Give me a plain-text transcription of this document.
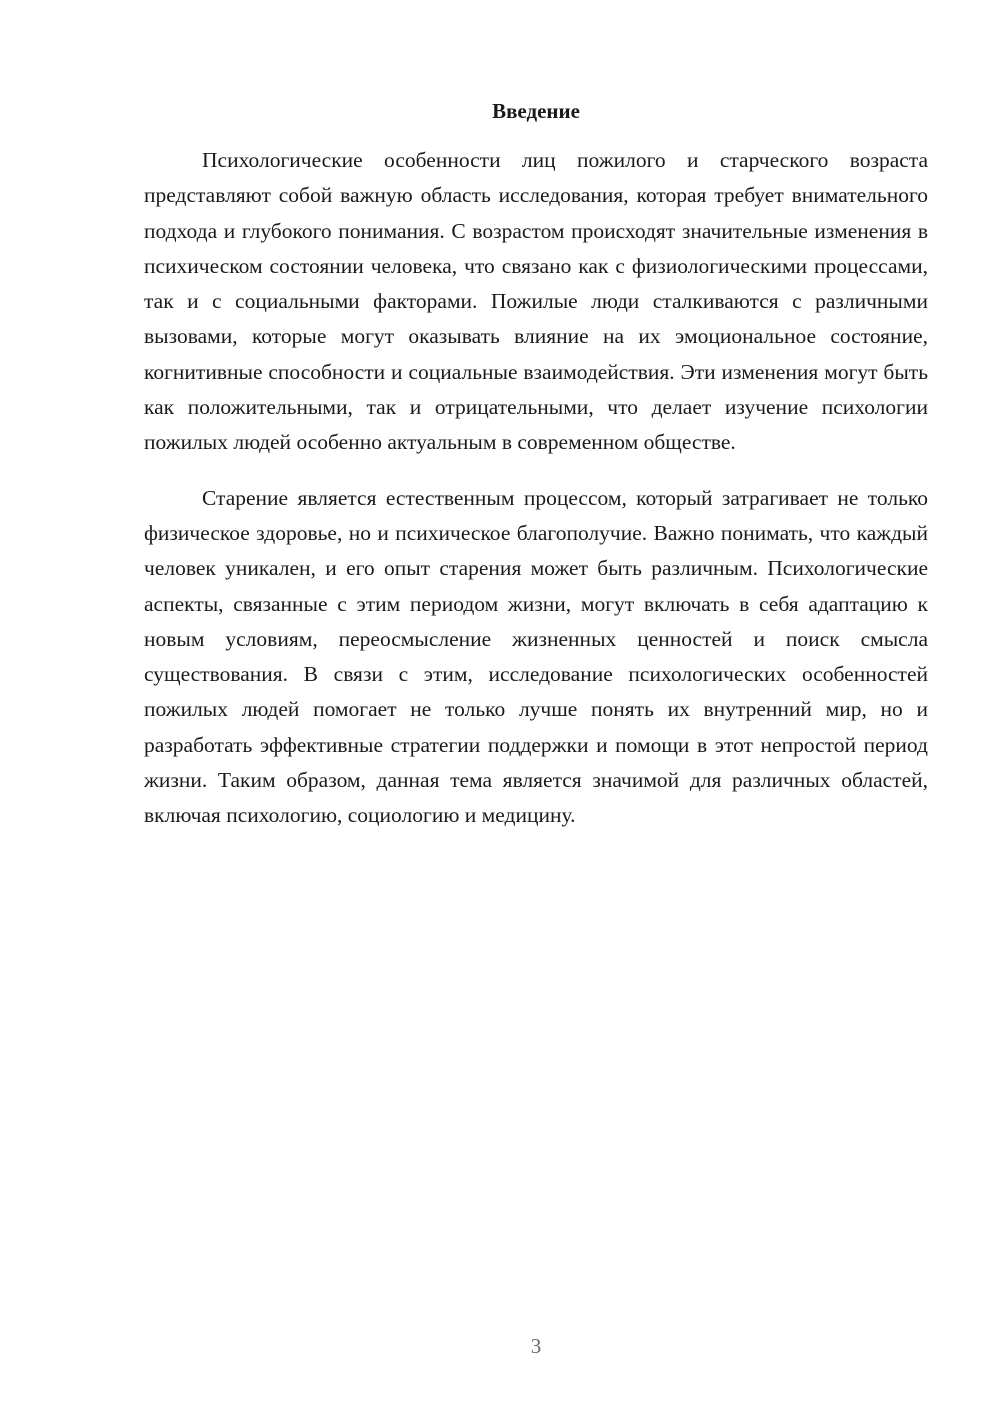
Введение

Психологические особенности лиц пожилого и старческого возраста представляют собой важную область исследования, которая требует внимательного подхода и глубокого понимания. С возрастом происходят значительные изменения в психическом состоянии человека, что связано как с физиологическими процессами, так и с социальными факторами. Пожилые люди сталкиваются с различными вызовами, которые могут оказывать влияние на их эмоциональное состояние, когнитивные способности и социальные взаимодействия. Эти изменения могут быть как положительными, так и отрицательными, что делает изучение психологии пожилых людей особенно актуальным в современном обществе.

Старение является естественным процессом, который затрагивает не только физическое здоровье, но и психическое благополучие. Важно понимать, что каждый человек уникален, и его опыт старения может быть различным. Психологические аспекты, связанные с этим периодом жизни, могут включать в себя адаптацию к новым условиям, переосмысление жизненных ценностей и поиск смысла существования. В связи с этим, исследование психологических особенностей пожилых людей помогает не только лучше понять их внутренний мир, но и разработать эффективные стратегии поддержки и помощи в этот непростой период жизни. Таким образом, данная тема является значимой для различных областей, включая психологию, социологию и медицину.

3
